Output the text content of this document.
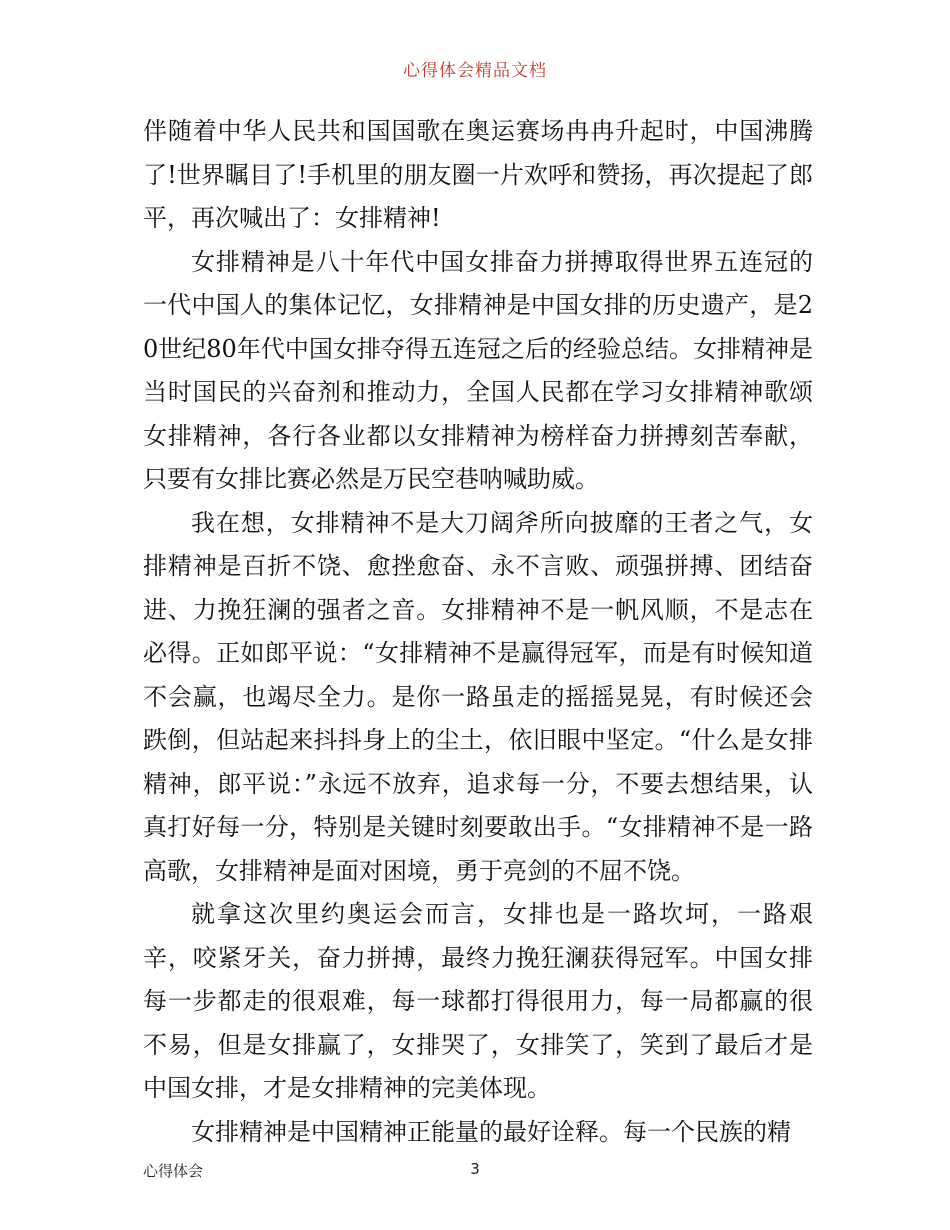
心得体会精品文档

伴随着中华人民共和国国歌在奥运赛场冉冉升起时，中国沸腾了!世界瞩目了!手机里的朋友圈一片欢呼和赞扬，再次提起了郎平，再次喊出了：女排精神!

女排精神是八十年代中国女排奋力拼搏取得世界五连冠的一代中国人的集体记忆，女排精神是中国女排的历史遗产，是20世纪80年代中国女排夺得五连冠之后的经验总结。女排精神是当时国民的兴奋剂和推动力，全国人民都在学习女排精神歌颂女排精神，各行各业都以女排精神为榜样奋力拼搏刻苦奉献，只要有女排比赛必然是万民空巷呐喊助威。

我在想，女排精神不是大刀阔斧所向披靡的王者之气，女排精神是百折不饶、愈挫愈奋、永不言败、顽强拼搏、团结奋进、力挽狂澜的强者之音。女排精神不是一帆风顺，不是志在必得。正如郎平说：“女排精神不是赢得冠军，而是有时候知道不会赢，也竭尽全力。是你一路虽走的摇摇晃晃，有时候还会跌倒，但站起来抖抖身上的尘土，依旧眼中坚定。“什么是女排精神，郎平说：”永远不放弃，追求每一分，不要去想结果，认真打好每一分，特别是关键时刻要敢出手。“女排精神不是一路高歌，女排精神是面对困境，勇于亮剑的不屈不饶。

就拿这次里约奥运会而言，女排也是一路坎坷，一路艰辛，咬紧牙关，奋力拼搏，最终力挽狂澜获得冠军。中国女排每一步都走的很艰难，每一球都打得很用力，每一局都赢的很不易，但是女排赢了，女排哭了，女排笑了，笑到了最后才是中国女排，才是女排精神的完美体现。

女排精神是中国精神正能量的最好诠释。每一个民族的精

心得体会	3
